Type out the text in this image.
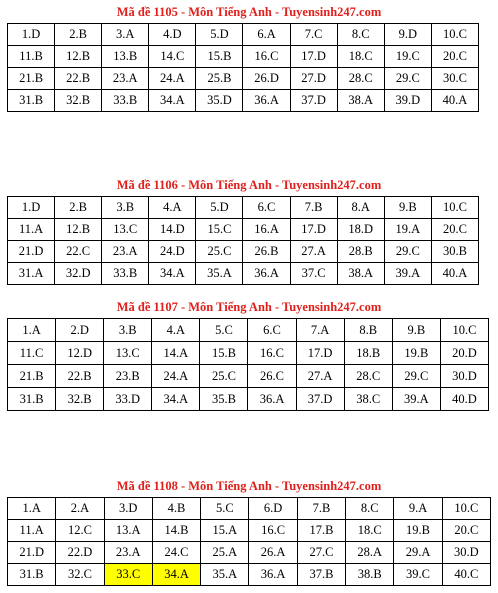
Mã đề 1105 - Môn Tiếng Anh - Tuyensinh247.com
1.D	2.B	3.A	4.D	5.D	6.A	7.C	8.C	9.D	10.C
11.B	12.B	13.B	14.C	15.B	16.C	17.D	18.C	19.C	20.C
21.B	22.B	23.A	24.A	25.B	26.D	27.D	28.C	29.C	30.C
31.B	32.B	33.B	34.A	35.D	36.A	37.D	38.A	39.D	40.A
Mã đề 1106 - Môn Tiếng Anh - Tuyensinh247.com
1.D	2.B	3.B	4.A	5.D	6.C	7.B	8.A	9.B	10.C
11.A	12.B	13.C	14.D	15.C	16.A	17.D	18.D	19.A	20.C
21.D	22.C	23.A	24.D	25.C	26.B	27.A	28.B	29.C	30.B
31.A	32.D	33.B	34.A	35.A	36.A	37.C	38.A	39.A	40.A
Mã đề 1107 - Môn Tiếng Anh - Tuyensinh247.com
1.A	2.D	3.B	4.A	5.C	6.C	7.A	8.B	9.B	10.C
11.C	12.D	13.C	14.A	15.B	16.C	17.D	18.B	19.B	20.D
21.B	22.B	23.B	24.A	25.C	26.C	27.A	28.C	29.C	30.D
31.B	32.B	33.D	34.A	35.B	36.A	37.D	38.C	39.A	40.D
Mã đề 1108 - Môn Tiếng Anh - Tuyensinh247.com
1.A	2.A	3.D	4.B	5.C	6.D	7.B	8.C	9.A	10.C
11.A	12.C	13.A	14.B	15.A	16.C	17.B	18.C	19.B	20.C
21.D	22.D	23.A	24.C	25.A	26.A	27.C	28.A	29.A	30.D
31.B	32.C	33.C	34.A	35.A	36.A	37.B	38.B	39.C	40.C
